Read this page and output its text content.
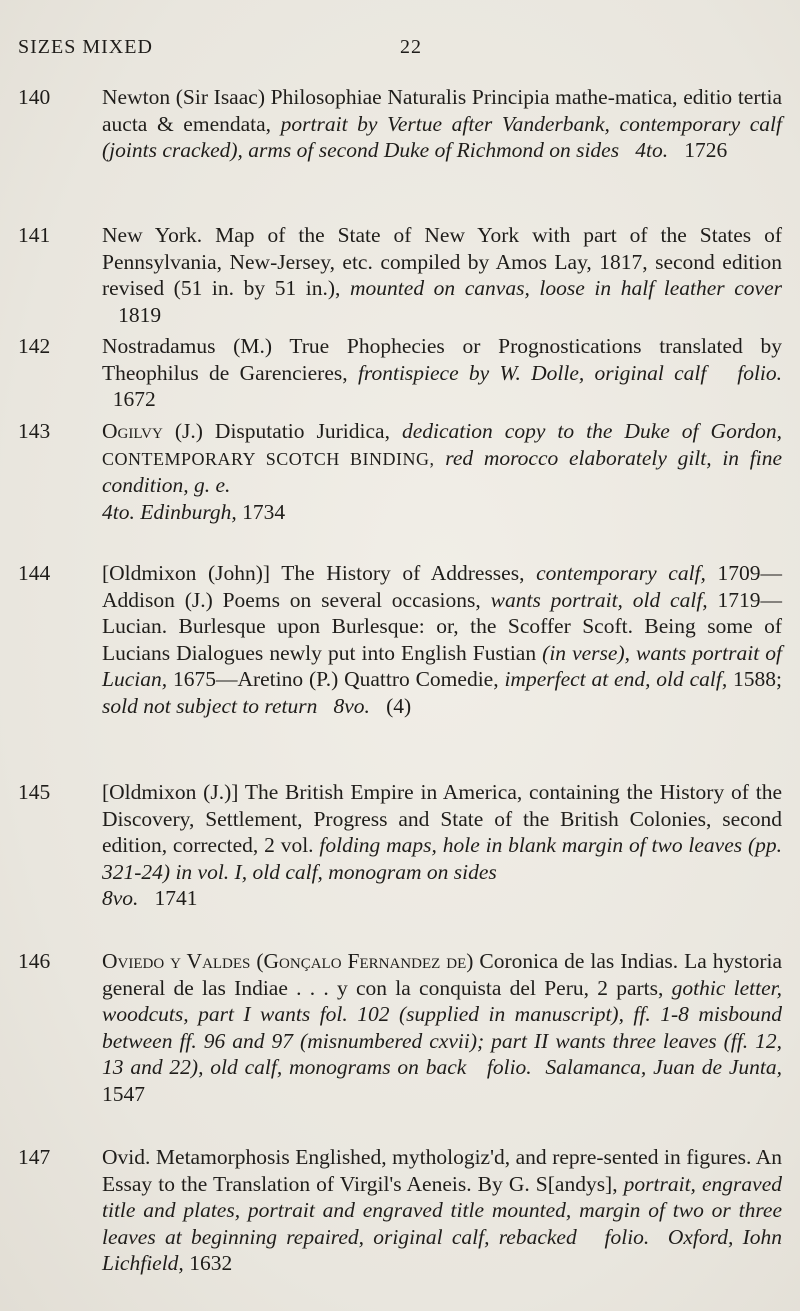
SIZES MIXED	22
140	Newton (Sir Isaac) Philosophiae Naturalis Principia mathe-matica, editio tertia aucta & emendata, portrait by Vertue after Vanderbank, contemporary calf (joints cracked), arms of second Duke of Richmond on sides 4to. 1726
141	New York. Map of the State of New York with part of the States of Pennsylvania, New-Jersey, etc. compiled by Amos Lay, 1817, second edition revised (51 in. by 51 in.), mounted on canvas, loose in half leather cover    1819
142	Nostradamus (M.) True Phophecies or Prognostications translated by Theophilus de Garencieres, frontispiece by W. Dolle, original calf folio.   1672
143	Ogilvy (J.) Disputatio Juridica, dedication copy to the Duke of Gordon, CONTEMPORARY SCOTCH BINDING, red morocco elaborately gilt, in fine condition, g. e.
4to. Edinburgh, 1734
144	[Oldmixon (John)] The History of Addresses, contemporary calf, 1709—Addison (J.) Poems on several occasions, wants portrait, old calf, 1719—Lucian. Burlesque upon Burlesque: or, the Scoffer Scoft. Being some of Lucians Dialogues newly put into English Fustian (in verse), wants portrait of Lucian, 1675—Aretino (P.) Quattro Comedie, imperfect at end, old calf, 1588; sold not subject to return 8vo. (4)
145	[Oldmixon (J.)] The British Empire in America, containing the History of the Discovery, Settlement, Progress and State of the British Colonies, second edition, corrected, 2 vol. folding maps, hole in blank margin of two leaves (pp. 321-24) in vol. I, old calf, monogram on sides
8vo. 1741
146	Oviedo y Valdes (Gonçalo Fernandez de) Coronica de las Indias. La hystoria general de las Indiae . . . y con la conquista del Peru, 2 parts, gothic letter, woodcuts, part I wants fol. 102 (supplied in manuscript), ff. 1-8 misbound between ff. 96 and 97 (misnumbered cxvii); part II wants three leaves (ff. 12, 13 and 22), old calf, monograms on back folio. Salamanca, Juan de Junta, 1547
147	Ovid. Metamorphosis Englished, mythologiz'd, and repre-sented in figures. An Essay to the Translation of Virgil's Aeneis. By G. S[andys], portrait, engraved title and plates, portrait and engraved title mounted, margin of two or three leaves at beginning repaired, original calf, rebacked folio. Oxford, Iohn Lichfield, 1632
